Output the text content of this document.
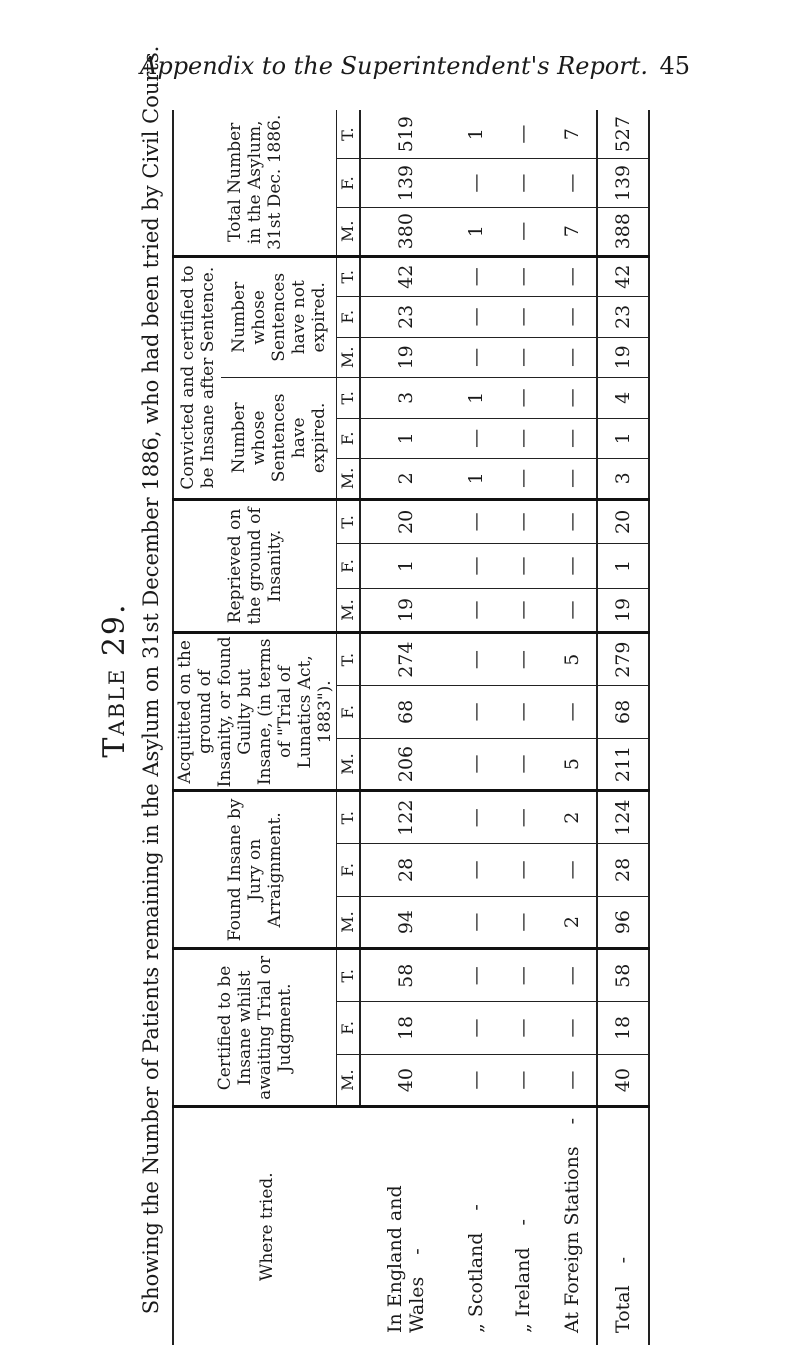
Appendix to the Superintendent's Report. 45
Table 29. Showing the Number of Patients remaining in the Asylum on 31st December 1886, who had been tried by Civil Courts.	Where tried.	Certified to be Insane whilst awaiting Trial or Judgment.			Found Insane by Jury on Arraignment.			Acquitted on the ground of Insanity, or found Guilty but Insane, (in terms of "Trial of Lunatics Act, 1883").			Reprieved on the ground of Insanity.			Convicted and certified to be Insane after Sentence.						Total Number in the Asylum, 31st Dec. 1886.		
													Number whose Sentences have expired.			Number whose Sentences have not expired.					
	M.	F.	T.	M.	F.	T.	M.	F.	T.	M.	F.	T.	M.	F.	T.	M.	F.	T.	M.	F.	T.
In England and Wales-	40	18	58	94	28	122	206	68	274	19	1	20	2	1	3	19	23	42	380	139	519
„ Scotland-	—	—	—	—	—	—	—	—	—	—	—	—	1	—	1	—	—	—	1	—	1
„ Ireland-	—	—	—	—	—	—	—	—	—	—	—	—	—	—	—	—	—	—	—	—	—
At Foreign Stations-	—	—	—	2	—	2	5	—	5	—	—	—	—	—	—	—	—	—	7	—	7
Total-	40	18	58	96	28	124	211	68	279	19	1	20	3	1	4	19	23	42	388	139	527
